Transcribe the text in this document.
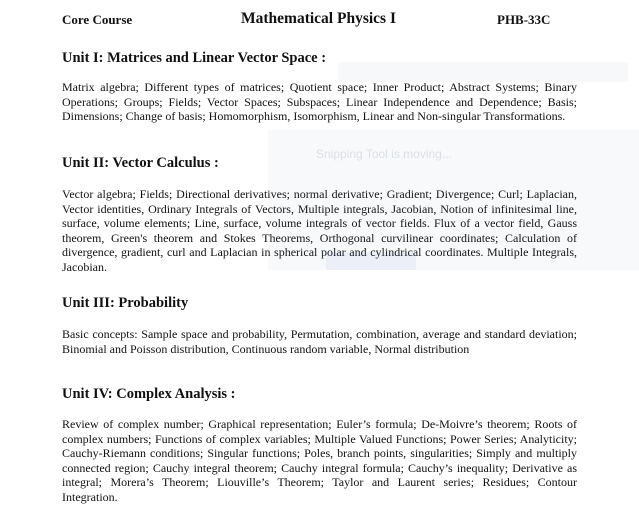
Core Course	Mathematical Physics I	PHB-33C
Unit I: Matrices and Linear Vector Space :

Matrix algebra; Different types of matrices; Quotient space; Inner Product; Abstract Systems; Binary Operations; Groups; Fields; Vector Spaces; Subspaces; Linear Independence and Dependence; Basis; Dimensions; Change of basis; Homomorphism, Isomorphism, Linear and Non-singular Transformations.

Unit II: Vector Calculus :

Vector algebra; Fields; Directional derivatives; normal derivative; Gradient; Divergence; Curl; Laplacian, Vector identities, Ordinary Integrals of Vectors, Multiple integrals, Jacobian, Notion of infinitesimal line, surface, volume elements; Line, surface, volume integrals of vector fields. Flux of a vector field, Gauss theorem, Green's theorem and Stokes Theorems, Orthogonal curvilinear coordinates; Calculation of divergence, gradient, curl and Laplacian in spherical polar and cylindrical coordinates. Multiple Integrals, Jacobian.

Unit III: Probability

Basic concepts: Sample space and probability, Permutation, combination, average and standard deviation; Binomial and Poisson distribution, Continuous random variable, Normal distribution

Unit IV: Complex Analysis :

Review of complex number; Graphical representation; Euler’s formula; De-Moivre’s theorem; Roots of complex numbers; Functions of complex variables; Multiple Valued Functions; Power Series; Analyticity; Cauchy-Riemann conditions; Singular functions; Poles, branch points, singularities; Simply and multiply connected region; Cauchy integral theorem; Cauchy integral formula; Cauchy’s inequality; Derivative as integral; Morera’s Theorem; Liouville’s Theorem; Taylor and Laurent series; Residues; Contour Integration.

Snipping Tool is moving...
